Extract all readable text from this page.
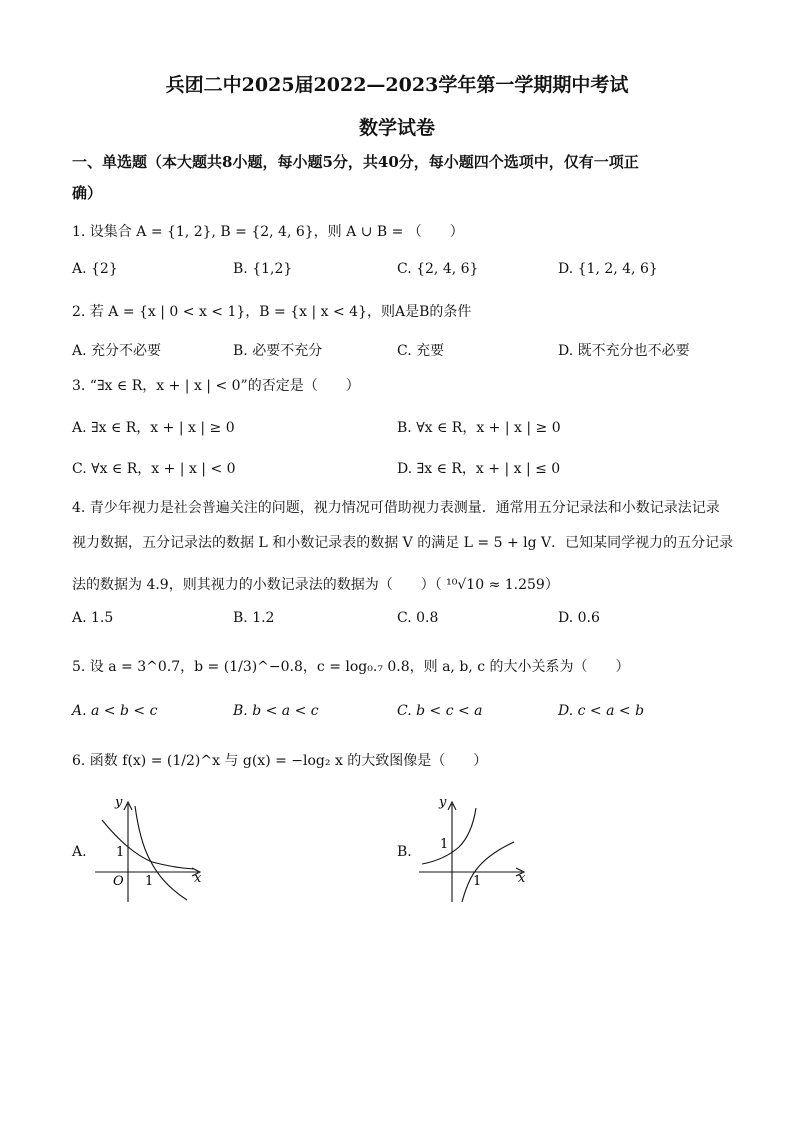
兵团二中2025届2022—2023学年第一学期期中考试
数学试卷
一、单选题（本大题共8小题，每小题5分，共40分，每小题四个选项中，仅有一项正
确）
1. 设集合 A = {1, 2}, B = {2, 4, 6}，则 A ∪ B = （　　）
A. {2}	B. {1,2}	C. {2, 4, 6}	D. {1, 2, 4, 6}
2. 若 A = {x | 0 < x < 1}，B = {x | x < 4}，则A是B的条件
A. 充分不必要	B. 必要不充分	C. 充要	D. 既不充分也不必要
3. “∃x ∈ R，x + | x | < 0”的否定是（　　）
A. ∃x ∈ R，x + | x | ≥ 0	B. ∀x ∈ R，x + | x | ≥ 0
C. ∀x ∈ R，x + | x | < 0	D. ∃x ∈ R，x + | x | ≤ 0
4. 青少年视力是社会普遍关注的问题，视力情况可借助视力表测量．通常用五分记录法和小数记录法记录
视力数据，五分记录法的数据 L 和小数记录表的数据 V 的满足 L = 5 + lg V．已知某同学视力的五分记录
法的数据为 4.9，则其视力的小数记录法的数据为（　　）（ ¹⁰√10 ≈ 1.259）
A. 1.5	B. 1.2	C. 0.8	D. 0.6
5. 设 a = 3^0.7，b = (1/3)^−0.8，c = log₀.₇ 0.8，则 a, b, c 的大小关系为（　　）
A. a < b < c	B. b < a < c	C. b < c < a	D. c < a < b
6. 函数 f(x) = (1/2)^x 与 g(x) = −log₂ x 的大致图像是（　　）
A.
y
x
O
1
1
B.
y
x
1
1
